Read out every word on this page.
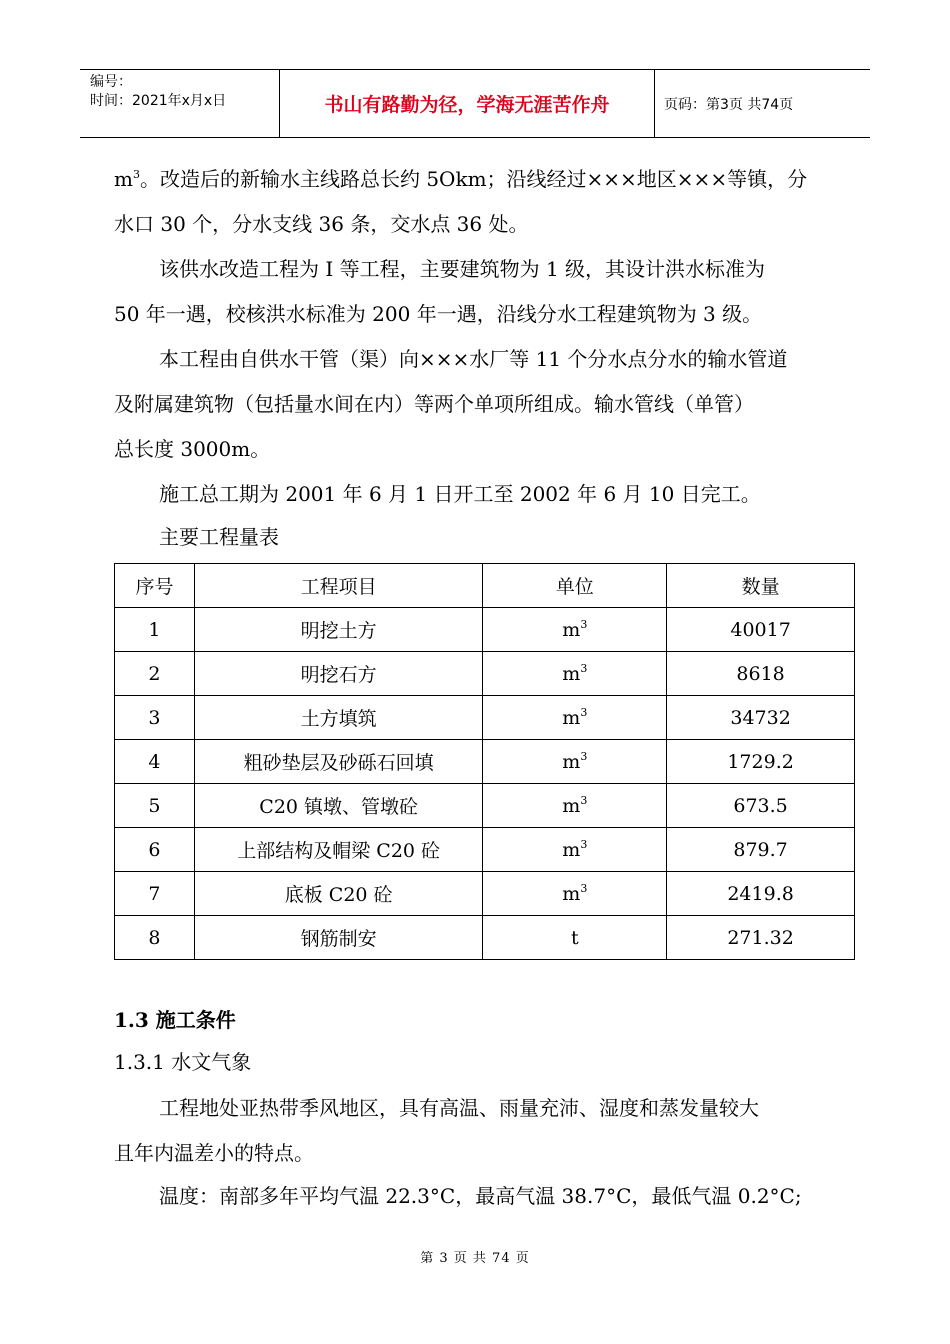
编号：
时间：2021年x月x日	书山有路勤为径，学海无涯苦作舟	页码：第3页 共74页
$m^3$。改造后的新输水主线路总长约 5Okm；沿线经过×××地区×××等镇，分
水口 30 个，分水支线 36 条，交水点 36 处。
该供水改造工程为 I 等工程，主要建筑物为 1 级，其设计洪水标准为
50 年一遇，校核洪水标准为 200 年一遇，沿线分水工程建筑物为 3 级。
本工程由自供水干管（渠）向×××水厂等 11 个分水点分水的输水管道
及附属建筑物（包括量水间在内）等两个单项所组成。输水管线（单管）
总长度 3000m。
施工总工期为 2001 年 6 月 1 日开工至 2002 年 6 月 10 日完工。
主要工程量表
序号	工程项目	单位	数量
1	明挖土方	$m^3$	40017
2	明挖石方	$m^3$	8618
3	土方填筑	$m^3$	34732
4	粗砂垫层及砂砾石回填	$m^3$	1729.2
5	C20 镇墩、管墩砼	$m^3$	673.5
6	上部结构及帽梁 C20 砼	$m^3$	879.7
7	底板 C20 砼	$m^3$	2419.8
8	钢筋制安	t	271.32
1.3 施工条件
1.3.1 水文气象
工程地处亚热带季风地区，具有高温、雨量充沛、湿度和蒸发量较大
且年内温差小的特点。
温度：南部多年平均气温 22.3°C，最高气温 38.7°C，最低气温 0.2°C;
第 3 页 共 74 页
